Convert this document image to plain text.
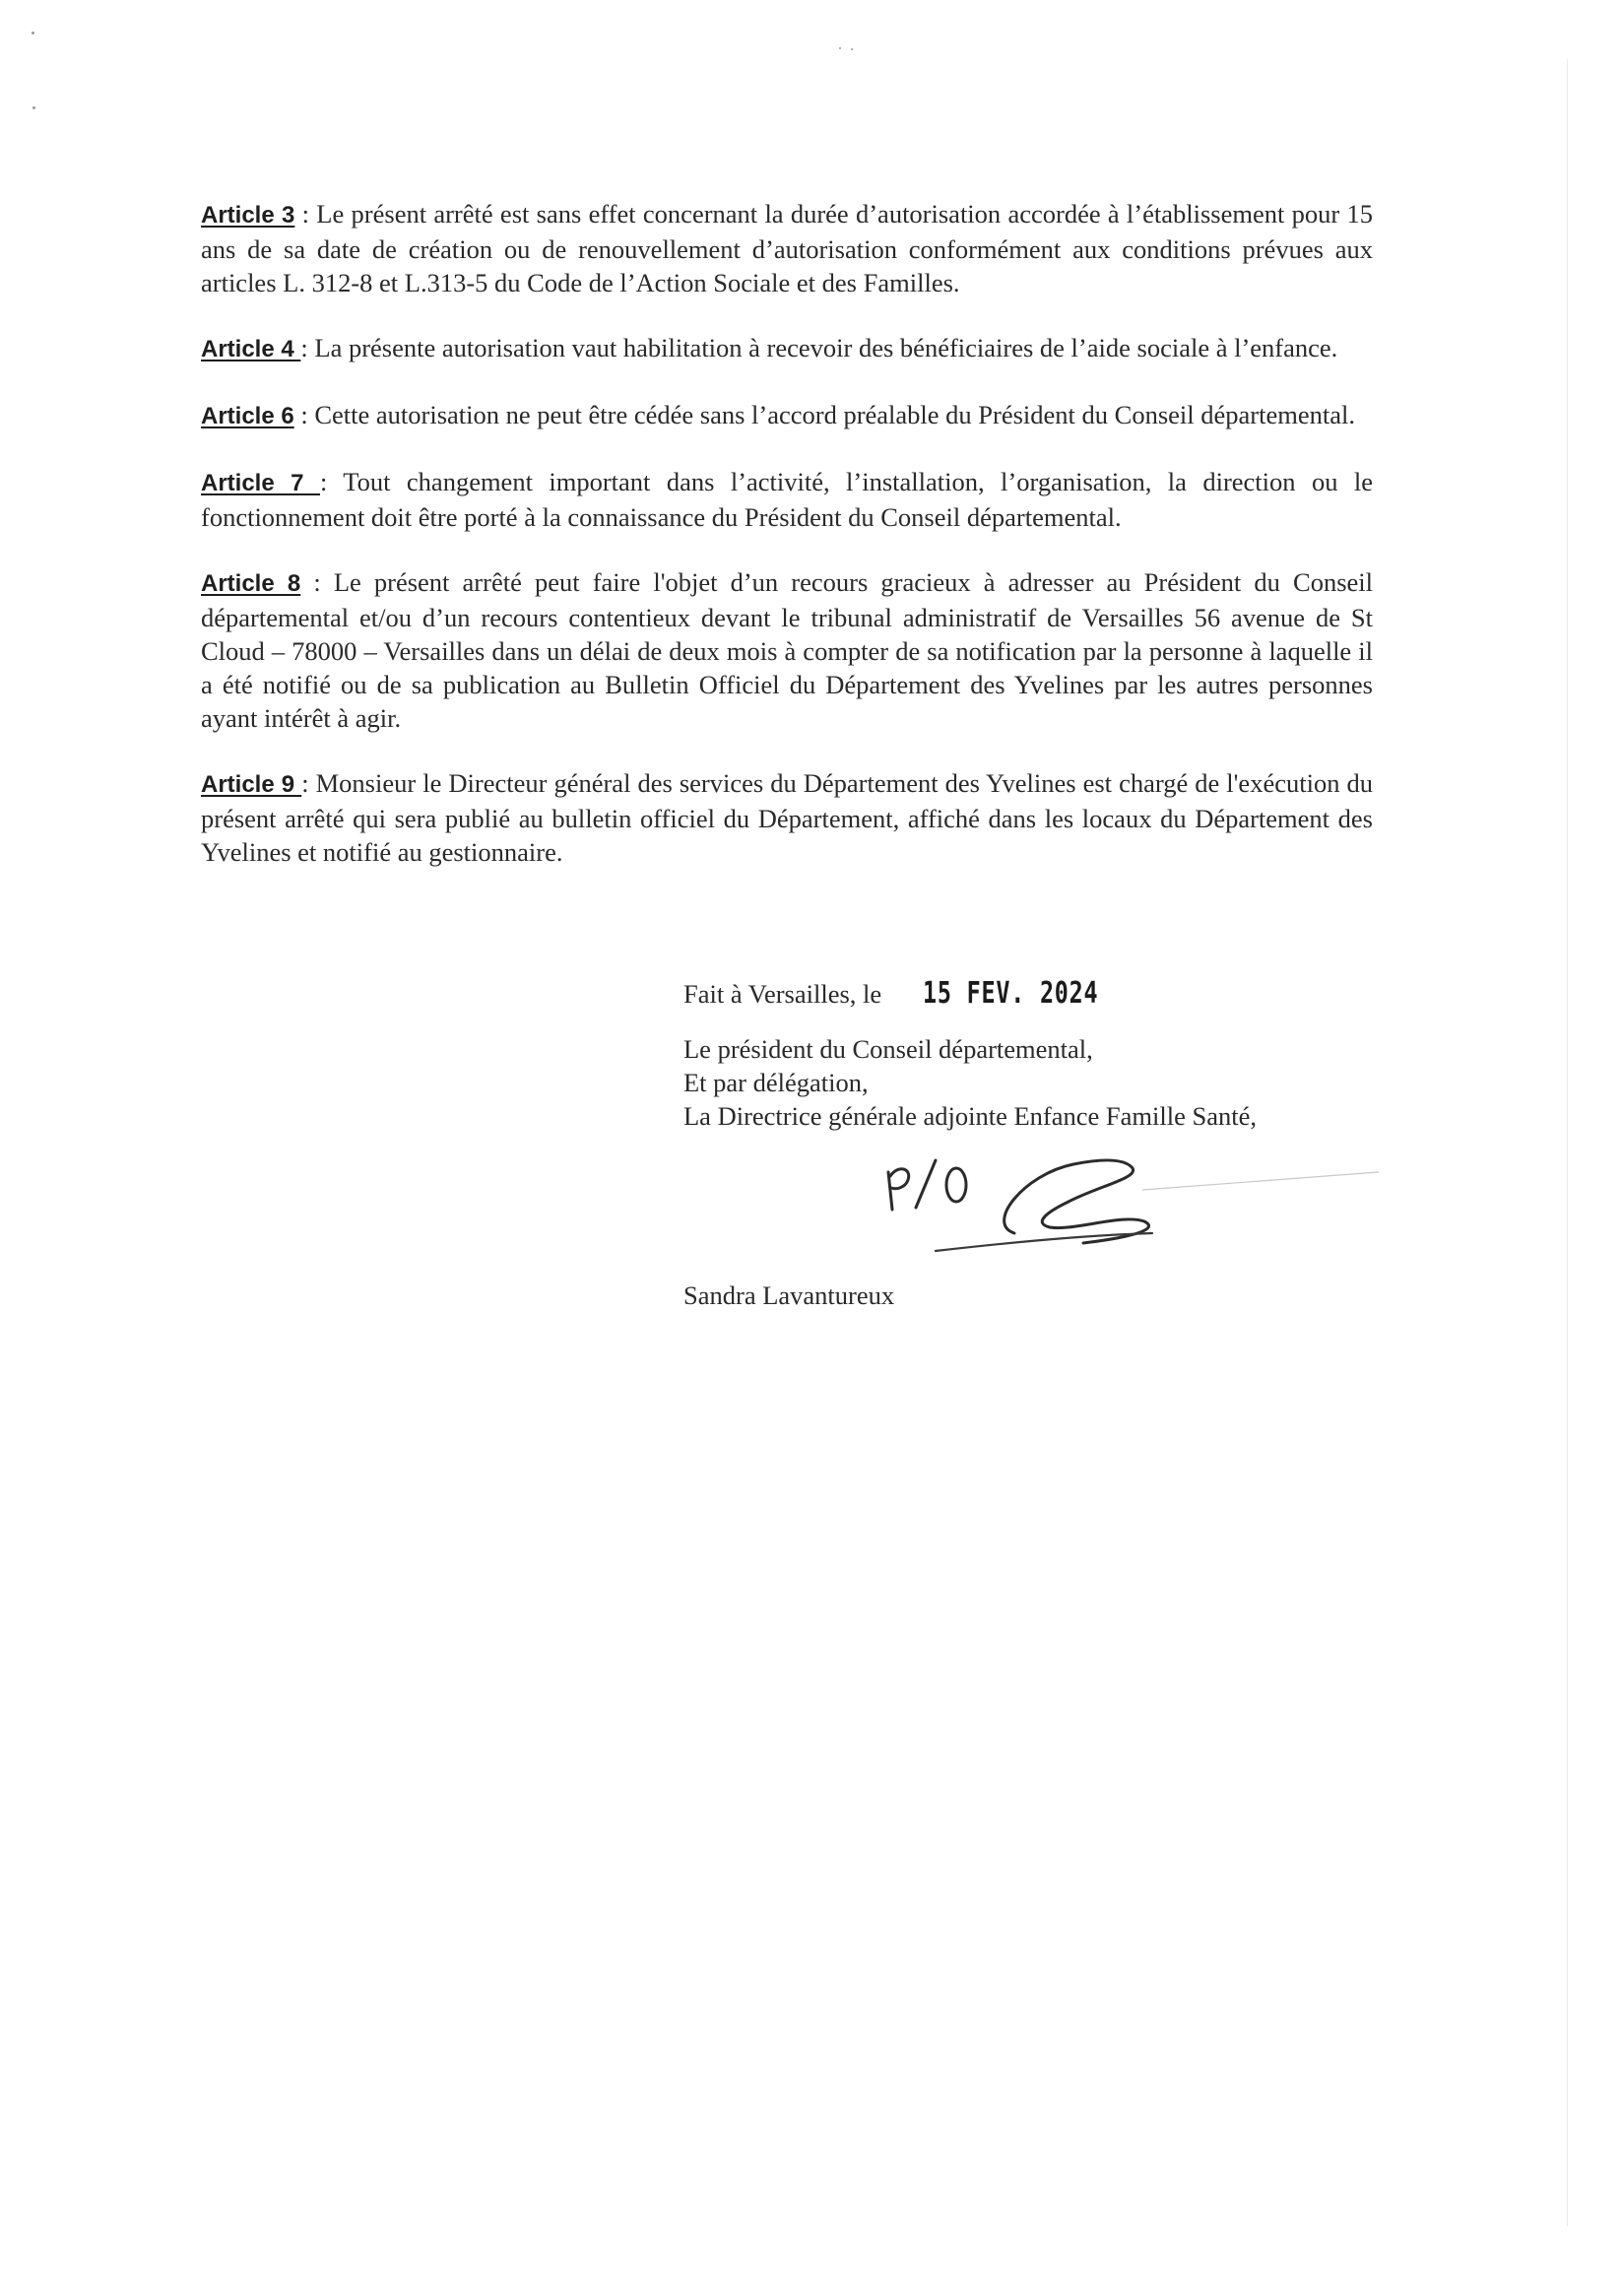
Article 3 : Le présent arrêté est sans effet concernant la durée d’autorisation accordée à l’établissement pour 15 ans de sa date de création ou de renouvellement d’autorisation conformément aux conditions prévues aux articles L. 312-8 et L.313-5 du Code de l’Action Sociale et des Familles.

Article 4 : La présente autorisation vaut habilitation à recevoir des bénéficiaires de l’aide sociale à l’enfance.

Article 6 : Cette autorisation ne peut être cédée sans l’accord préalable du Président du Conseil départemental.

Article 7 : Tout changement important dans l’activité, l’installation, l’organisation, la direction ou le fonctionnement doit être porté à la connaissance du Président du Conseil départemental.

Article 8 : Le présent arrêté peut faire l'objet d’un recours gracieux à adresser au Président du Conseil départemental et/ou d’un recours contentieux devant le tribunal administratif de Versailles 56 avenue de St Cloud – 78000 – Versailles dans un délai de deux mois à compter de sa notification par la personne à laquelle il a été notifié ou de sa publication au Bulletin Officiel du Département des Yvelines par les autres personnes ayant intérêt à agir.

Article 9 : Monsieur le Directeur général des services du Département des Yvelines est chargé de l'exécution du présent arrêté qui sera publié au bulletin officiel du Département, affiché dans les locaux du Département des Yvelines et notifié au gestionnaire.

Fait à Versailles, le 15 FEV. 2024
Le président du Conseil départemental,
Et par délégation,
La Directrice générale adjointe Enfance Famille Santé,
Sandra Lavantureux
